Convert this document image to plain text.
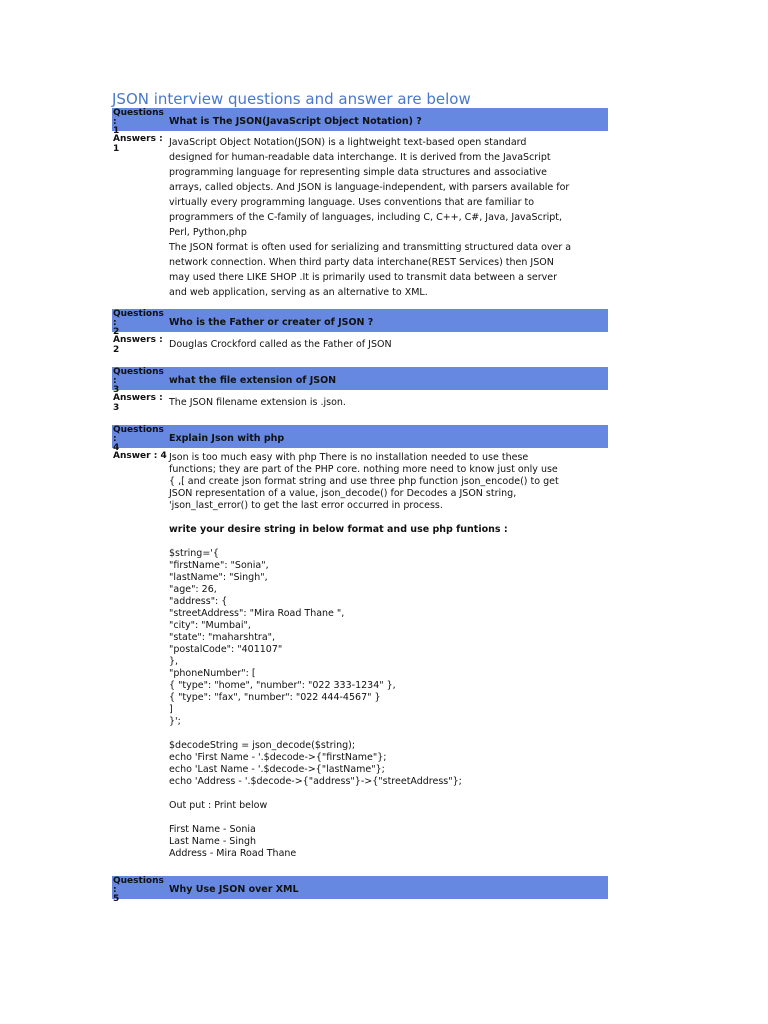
JSON interview questions and answer are below
Questions :
1
What is The JSON(JavaScript Object Notation) ?
Answers :
1
JavaScript Object Notation(JSON) is a lightweight text-based open standard
designed for human-readable data interchange. It is derived from the JavaScript
programming language for representing simple data structures and associative
arrays, called objects. And JSON is language-independent, with parsers available for
virtually every programming language. Uses conventions that are familiar to
programmers of the C-family of languages, including C, C++, C#, Java, JavaScript,
Perl, Python,php
The JSON format is often used for serializing and transmitting structured data over a
network connection. When third party data interchane(REST Services) then JSON
may used there LIKE SHOP .It is primarily used to transmit data between a server
and web application, serving as an alternative to XML.
Questions :
2
Who is the Father or creater of JSON ?
Answers :
2	Douglas Crockford called as the Father of JSON
Questions :
3
what the file extension of JSON
Answers :
3	The JSON filename extension is .json.
Questions :
4
Explain Json with php
Answer : 4 Json is too much easy with php There is no installation needed to use these
functions; they are part of the PHP core. nothing more need to know just only use
{ ,[ and create json format string and use three php function json_encode() to get
JSON representation of a value, json_decode() for Decodes a JSON string,
'json_last_error() to get the last error occurred in process.
write your desire string in below format and use php funtions :
$string='{
"firstName": "Sonia",
"lastName": "Singh",
"age": 26,
"address": {
"streetAddress": "Mira Road Thane ",
"city": "Mumbai",
"state": "maharshtra",
"postalCode": "401107"
},
"phoneNumber": [
{ "type": "home", "number": "022 333-1234" },
{ "type": "fax", "number": "022 444-4567" }
]
}';
$decodeString = json_decode($string);
echo 'First Name - '.$decode->{"firstName"};
echo 'Last Name - '.$decode->{"lastName"};
echo 'Address - '.$decode->{"address"}->{"streetAddress"};
Out put : Print below
First Name - Sonia
Last Name - Singh
Address - Mira Road Thane
Questions :
5
Why Use JSON over XML
